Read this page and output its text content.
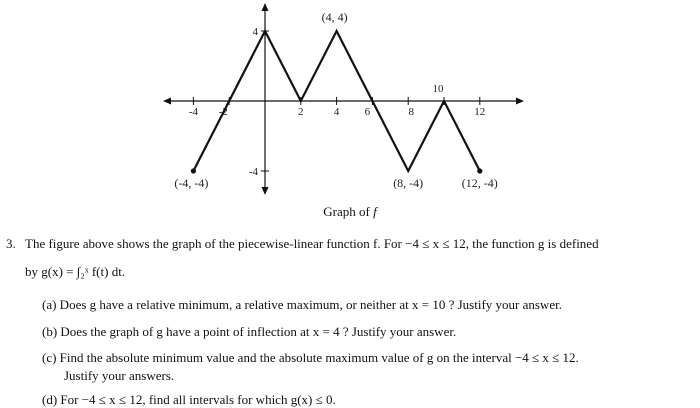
-4 -2	2	4 6	8
10
12
4
-4
(4, 4)
(-4, -4)	(8, -4)	(12, -4)
Graph of f
3. The figure above shows the graph of the piecewise-linear function f. For −4 ≤ x ≤ 12, the function g is defined
by g(x) = ∫₂ˣ f(t) dt.
(a) Does g have a relative minimum, a relative maximum, or neither at x = 10 ? Justify your answer.
(b) Does the graph of g have a point of inflection at x = 4 ? Justify your answer.
(c) Find the absolute minimum value and the absolute maximum value of g on the interval −4 ≤ x ≤ 12.
Justify your answers.
(d) For −4 ≤ x ≤ 12, find all intervals for which g(x) ≤ 0.
